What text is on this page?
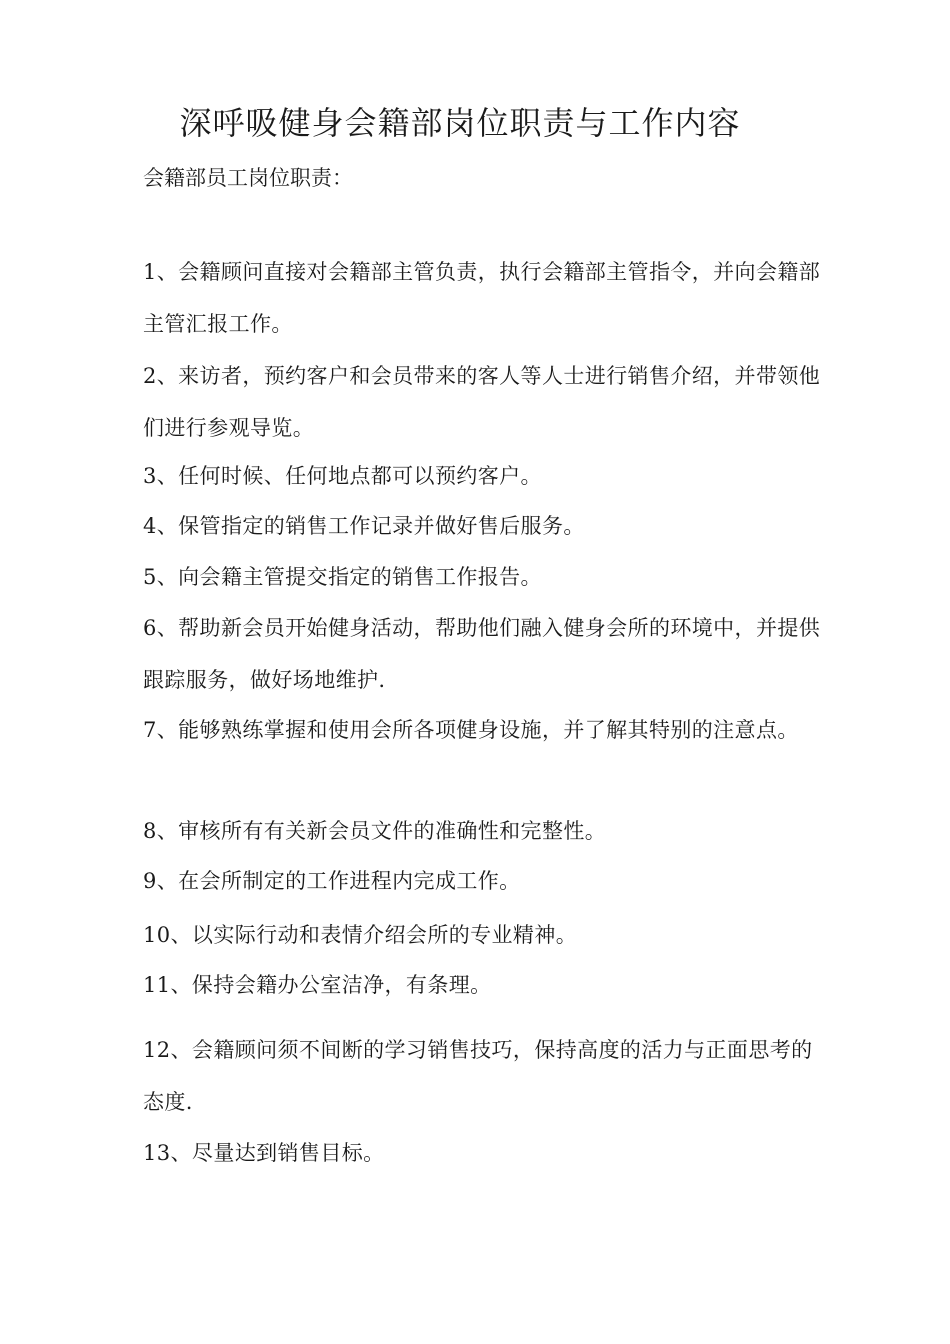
深呼吸健身会籍部岗位职责与工作内容
会籍部员工岗位职责：

1、会籍顾问直接对会籍部主管负责，执行会籍部主管指令，并向会籍部主管汇报工作。

2、来访者，预约客户和会员带来的客人等人士进行销售介绍，并带领他们进行参观导览。

3、任何时候、任何地点都可以预约客户。

4、保管指定的销售工作记录并做好售后服务。

5、向会籍主管提交指定的销售工作报告。

6、帮助新会员开始健身活动，帮助他们融入健身会所的环境中，并提供跟踪服务，做好场地维护.

7、能够熟练掌握和使用会所各项健身设施，并了解其特别的注意点。

8、审核所有有关新会员文件的准确性和完整性。

9、在会所制定的工作进程内完成工作。

10、以实际行动和表情介绍会所的专业精神。

11、保持会籍办公室洁净，有条理。

12、会籍顾问须不间断的学习销售技巧，保持高度的活力与正面思考的态度.

13、尽量达到销售目标。
